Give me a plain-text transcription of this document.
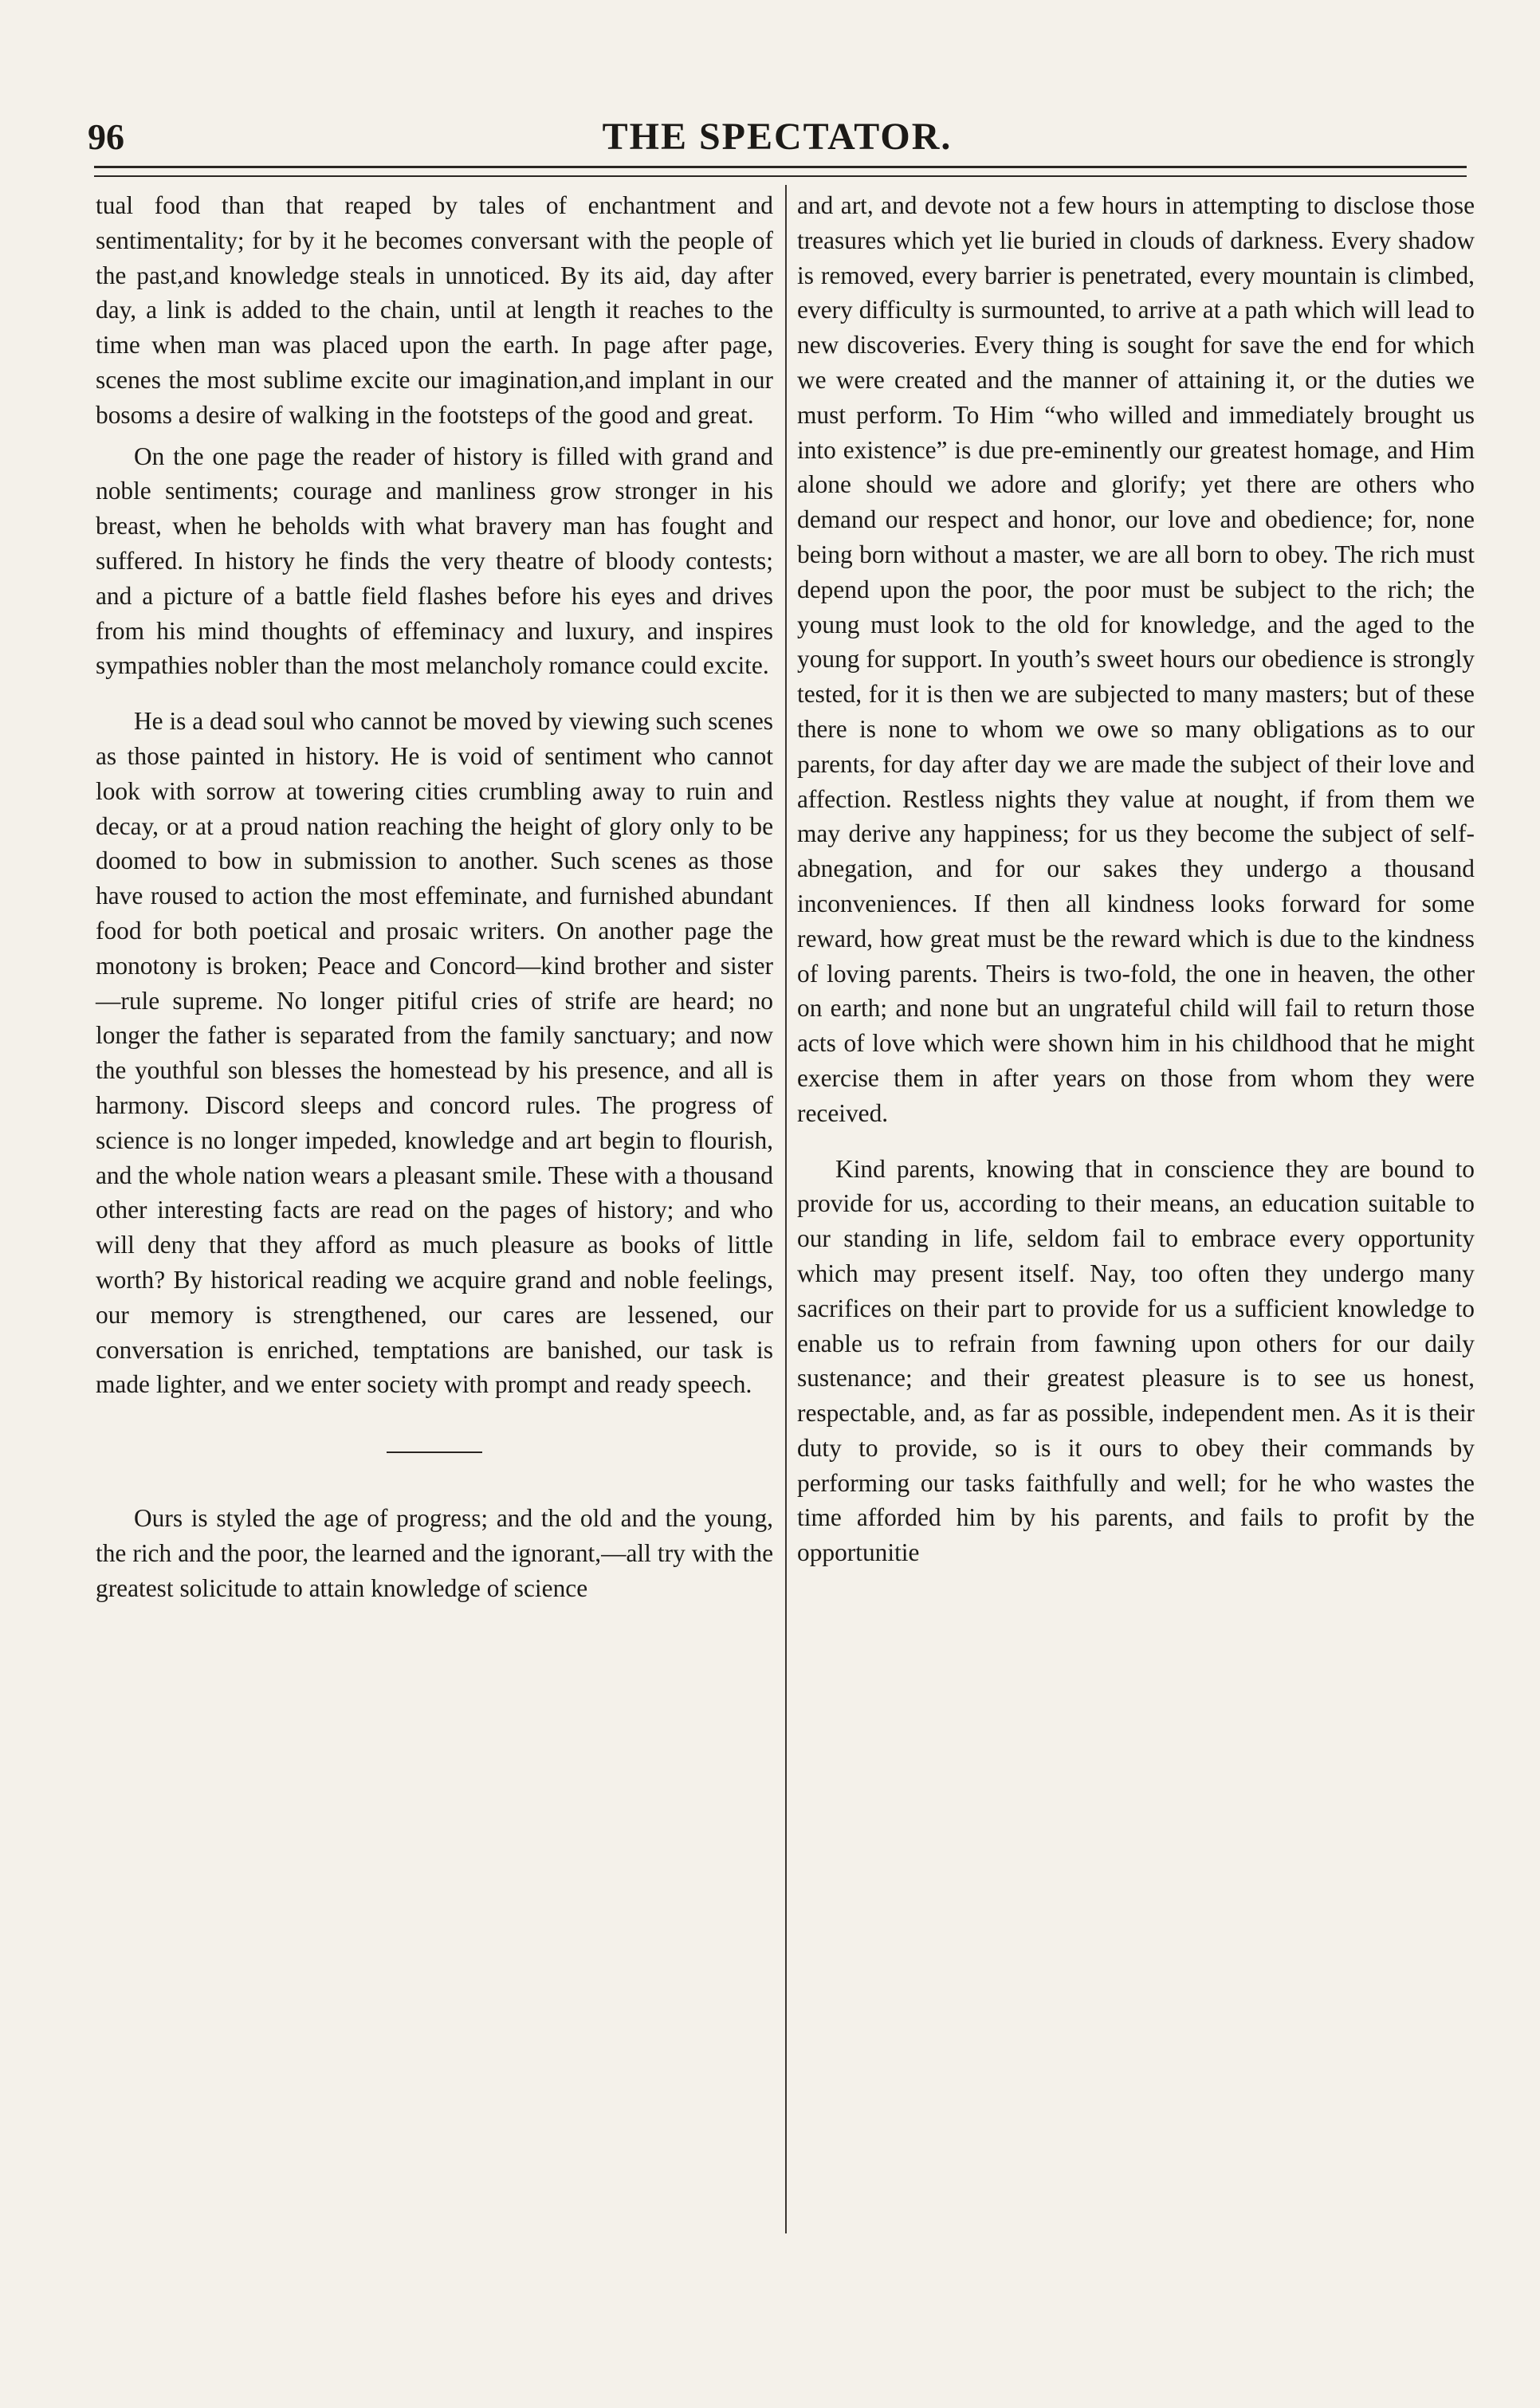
96	THE SPECTATOR.

tual food than that reaped by tales of enchantment and sentimentality; for by it he becomes conversant with the people of the past,and knowledge steals in unnoticed. By its aid, day after day, a link is added to the chain, until at length it reaches to the time when man was placed upon the earth. In page after page, scenes the most sublime excite our imagination,and implant in our bosoms a desire of walking in the footsteps of the good and great.

On the one page the reader of history is filled with grand and noble sentiments; courage and manliness grow stronger in his breast, when he beholds with what bravery man has fought and suffered. In history he finds the very theatre of bloody contests; and a picture of a battle field flashes before his eyes and drives from his mind thoughts of effeminacy and luxury, and inspires sympathies nobler than the most melancholy romance could excite.

He is a dead soul who cannot be moved by viewing such scenes as those painted in history. He is void of sentiment who cannot look with sorrow at towering cities crumbling away to ruin and decay, or at a proud nation reaching the height of glory only to be doomed to bow in submission to another. Such scenes as those have roused to action the most effeminate, and furnished abundant food for both poetical and prosaic writers. On another page the monotony is broken; Peace and Concord—kind brother and sister—rule supreme. No longer pitiful cries of strife are heard; no longer the father is separated from the family sanctuary; and now the youthful son blesses the homestead by his presence, and all is harmony. Discord sleeps and concord rules. The progress of science is no longer impeded, knowledge and art begin to flourish, and the whole nation wears a pleasant smile. These with a thousand other interesting facts are read on the pages of history; and who will deny that they afford as much pleasure as books of little worth? By historical reading we acquire grand and noble feelings, our memory is strengthened, our cares are lessened, our conversation is enriched, temptations are banished, our task is made lighter, and we enter society with prompt and ready speech.

Ours is styled the age of progress; and the old and the young, the rich and the poor, the learned and the ignorant,—all try with the greatest solicitude to attain knowledge of science

and art, and devote not a few hours in attempting to disclose those treasures which yet lie buried in clouds of darkness. Every shadow is removed, every barrier is penetrated, every mountain is climbed, every difficulty is surmounted, to arrive at a path which will lead to new discoveries. Every thing is sought for save the end for which we were created and the manner of attaining it, or the duties we must perform. To Him “who willed and immediately brought us into existence” is due pre-eminently our greatest homage, and Him alone should we adore and glorify; yet there are others who demand our respect and honor, our love and obedience; for, none being born without a master, we are all born to obey. The rich must depend upon the poor, the poor must be subject to the rich; the young must look to the old for knowledge, and the aged to the young for support. In youth’s sweet hours our obedience is strongly tested, for it is then we are subjected to many masters; but of these there is none to whom we owe so many obligations as to our parents, for day after day we are made the subject of their love and affection. Restless nights they value at nought, if from them we may derive any happiness; for us they become the subject of self-abnegation, and for our sakes they undergo a thousand inconveniences. If then all kindness looks forward for some reward, how great must be the reward which is due to the kindness of loving parents. Theirs is two-fold, the one in heaven, the other on earth; and none but an ungrateful child will fail to return those acts of love which were shown him in his childhood that he might exercise them in after years on those from whom they were received.

Kind parents, knowing that in conscience they are bound to provide for us, according to their means, an education suitable to our standing in life, seldom fail to embrace every opportunity which may present itself. Nay, too often they undergo many sacrifices on their part to provide for us a sufficient knowledge to enable us to refrain from fawning upon others for our daily sustenance; and their greatest pleasure is to see us honest, respectable, and, as far as possible, independent men. As it is their duty to provide, so is it ours to obey their commands by performing our tasks faithfully and well; for he who wastes the time afforded him by his parents, and fails to profit by the opportunitie
